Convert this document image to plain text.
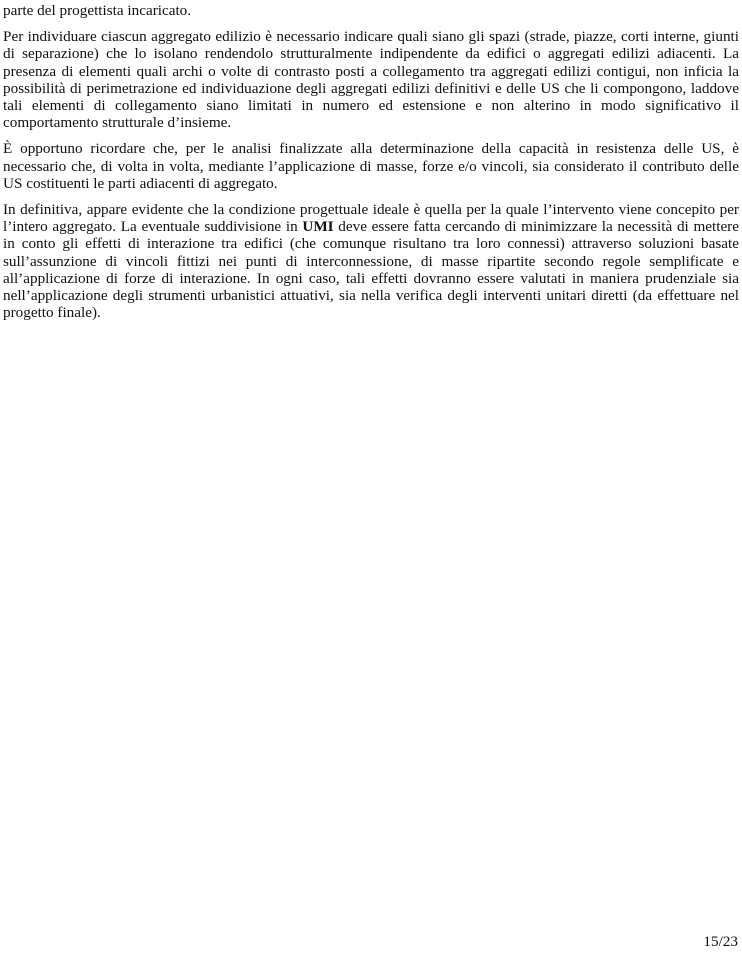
parte del progettista incaricato.

Per individuare ciascun aggregato edilizio è necessario indicare quali siano gli spazi (strade, piazze, corti interne, giunti di separazione) che lo isolano rendendolo strutturalmente indipendente da edifici o aggregati edilizi adiacenti. La presenza di elementi quali archi o volte di contrasto posti a collegamento tra aggregati edilizi contigui, non inficia la possibilità di perimetrazione ed individuazione degli aggregati edilizi definitivi e delle US che li compongono, laddove tali elementi di collegamento siano limitati in numero ed estensione e non alterino in modo significativo il comportamento strutturale d’insieme.

È opportuno ricordare che, per le analisi finalizzate alla determinazione della capacità in resistenza delle US, è necessario che, di volta in volta, mediante l’applicazione di masse, forze e/o vincoli, sia considerato il contributo delle US costituenti le parti adiacenti di aggregato.

In definitiva, appare evidente che la condizione progettuale ideale è quella per la quale l’intervento viene concepito per l’intero aggregato. La eventuale suddivisione in UMI deve essere fatta cercando di minimizzare la necessità di mettere in conto gli effetti di interazione tra edifici (che comunque risultano tra loro connessi) attraverso soluzioni basate sull’assunzione di vincoli fittizi nei punti di interconnessione, di masse ripartite secondo regole semplificate e all’applicazione di forze di interazione. In ogni caso, tali effetti dovranno essere valutati in maniera prudenziale sia nell’applicazione degli strumenti urbanistici attuativi, sia nella verifica degli interventi unitari diretti (da effettuare nel progetto finale).

15/23
